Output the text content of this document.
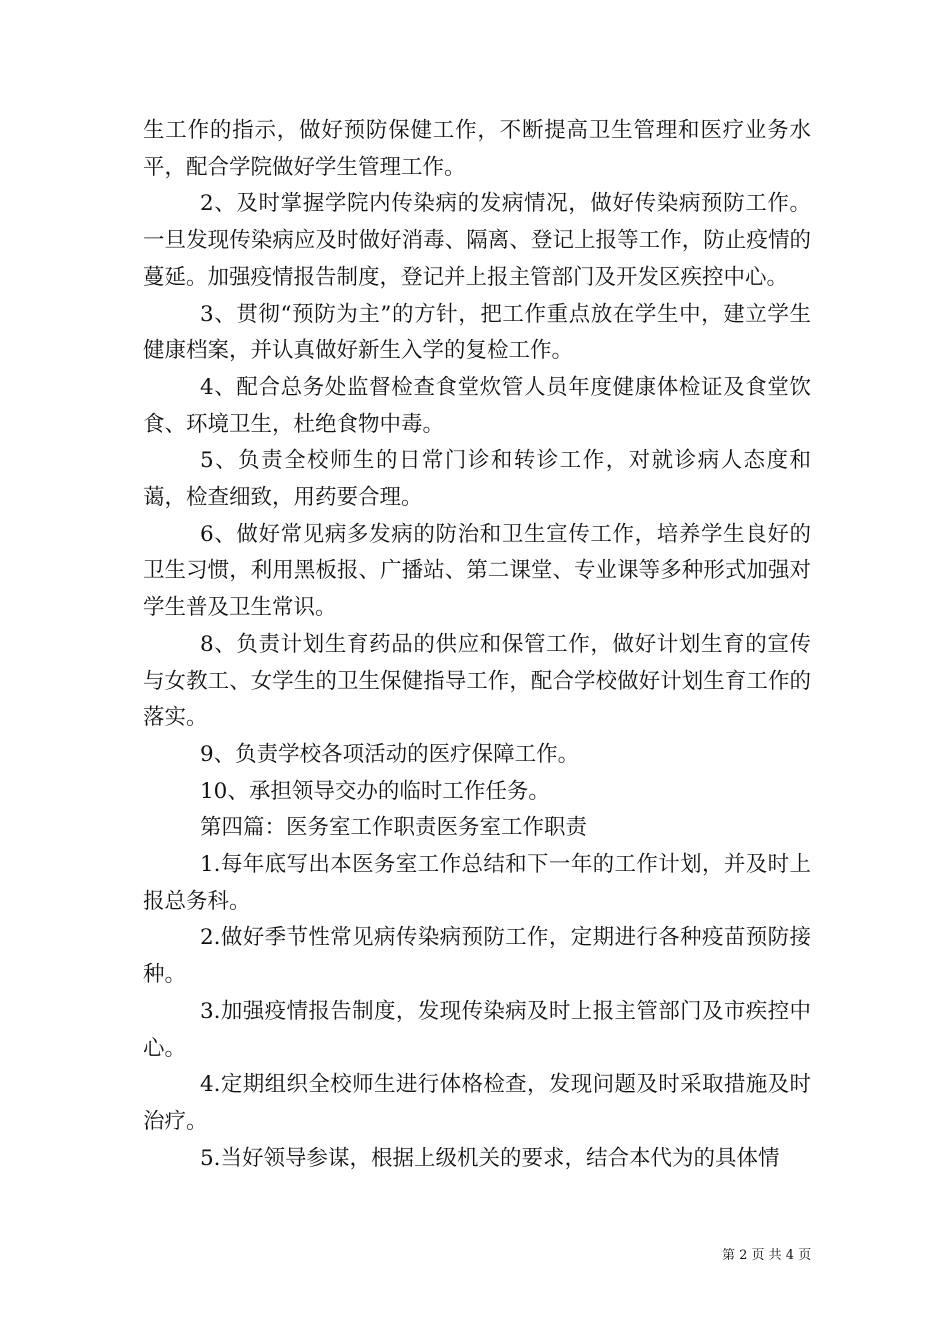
生工作的指示，做好预防保健工作，不断提高卫生管理和医疗业务水平，配合学院做好学生管理工作。

2、及时掌握学院内传染病的发病情况，做好传染病预防工作。一旦发现传染病应及时做好消毒、隔离、登记上报等工作，防止疫情的蔓延。加强疫情报告制度，登记并上报主管部门及开发区疾控中心。

3、贯彻“预防为主”的方针，把工作重点放在学生中，建立学生健康档案，并认真做好新生入学的复检工作。

4、配合总务处监督检查食堂炊管人员年度健康体检证及食堂饮食、环境卫生，杜绝食物中毒。

5、负责全校师生的日常门诊和转诊工作，对就诊病人态度和蔼，检查细致，用药要合理。

6、做好常见病多发病的防治和卫生宣传工作，培养学生良好的卫生习惯，利用黑板报、广播站、第二课堂、专业课等多种形式加强对学生普及卫生常识。

8、负责计划生育药品的供应和保管工作，做好计划生育的宣传与女教工、女学生的卫生保健指导工作，配合学校做好计划生育工作的落实。

9、负责学校各项活动的医疗保障工作。

10、承担领导交办的临时工作任务。

第四篇：医务室工作职责医务室工作职责

1.每年底写出本医务室工作总结和下一年的工作计划，并及时上报总务科。

2.做好季节性常见病传染病预防工作，定期进行各种疫苗预防接种。

3.加强疫情报告制度，发现传染病及时上报主管部门及市疾控中心。

4.定期组织全校师生进行体格检查，发现问题及时采取措施及时治疗。

5.当好领导参谋，根据上级机关的要求，结合本代为的具体情

第 2 页 共 4 页
